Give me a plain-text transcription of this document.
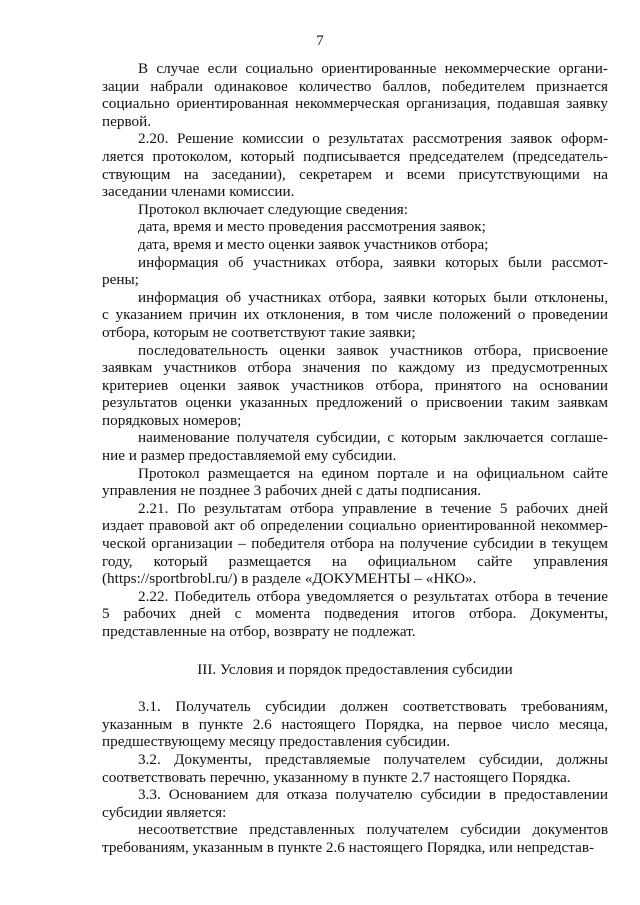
7
В случае если социально ориентированные некоммерческие органи-
зации набрали одинаковое количество баллов, победителем признается
социально ориентированная некоммерческая организация, подавшая заявку
первой.
2.20. Решение комиссии о результатах рассмотрения заявок оформ-
ляется протоколом, который подписывается председателем (председатель-
ствующим на заседании), секретарем и всеми присутствующими на
заседании членами комиссии.
Протокол включает следующие сведения:
дата, время и место проведения рассмотрения заявок;
дата, время и место оценки заявок участников отбора;
информация об участниках отбора, заявки которых были рассмот-
рены;
информация об участниках отбора, заявки которых были отклонены,
с указанием причин их отклонения, в том числе положений о проведении
отбора, которым не соответствуют такие заявки;
последовательность оценки заявок участников отбора, присвоение
заявкам участников отбора значения по каждому из предусмотренных
критериев оценки заявок участников отбора, принятого на основании
результатов оценки указанных предложений о присвоении таким заявкам
порядковых номеров;
наименование получателя субсидии, с которым заключается соглаше-
ние и размер предоставляемой ему субсидии.
Протокол размещается на едином портале и на официальном сайте
управления не позднее 3 рабочих дней с даты подписания.
2.21. По результатам отбора управление в течение 5 рабочих дней
издает правовой акт об определении социально ориентированной некоммер-
ческой организации – победителя отбора на получение субсидии в текущем
году, который размещается на официальном сайте управления
(https://sportbrobl.ru/) в разделе «ДОКУМЕНТЫ – «НКО».
2.22. Победитель отбора уведомляется о результатах отбора в течение
5 рабочих дней с момента подведения итогов отбора. Документы,
представленные на отбор, возврату не подлежат.
III. Условия и порядок предоставления субсидии
3.1. Получатель субсидии должен соответствовать требованиям,
указанным в пункте 2.6 настоящего Порядка, на первое число месяца,
предшествующему месяцу предоставления субсидии.
3.2. Документы, представляемые получателем субсидии, должны
соответствовать перечню, указанному в пункте 2.7 настоящего Порядка.
3.3. Основанием для отказа получателю субсидии в предоставлении
субсидии является:
несоответствие представленных получателем субсидии документов
требованиям, указанным в пункте 2.6 настоящего Порядка, или непредстав-
